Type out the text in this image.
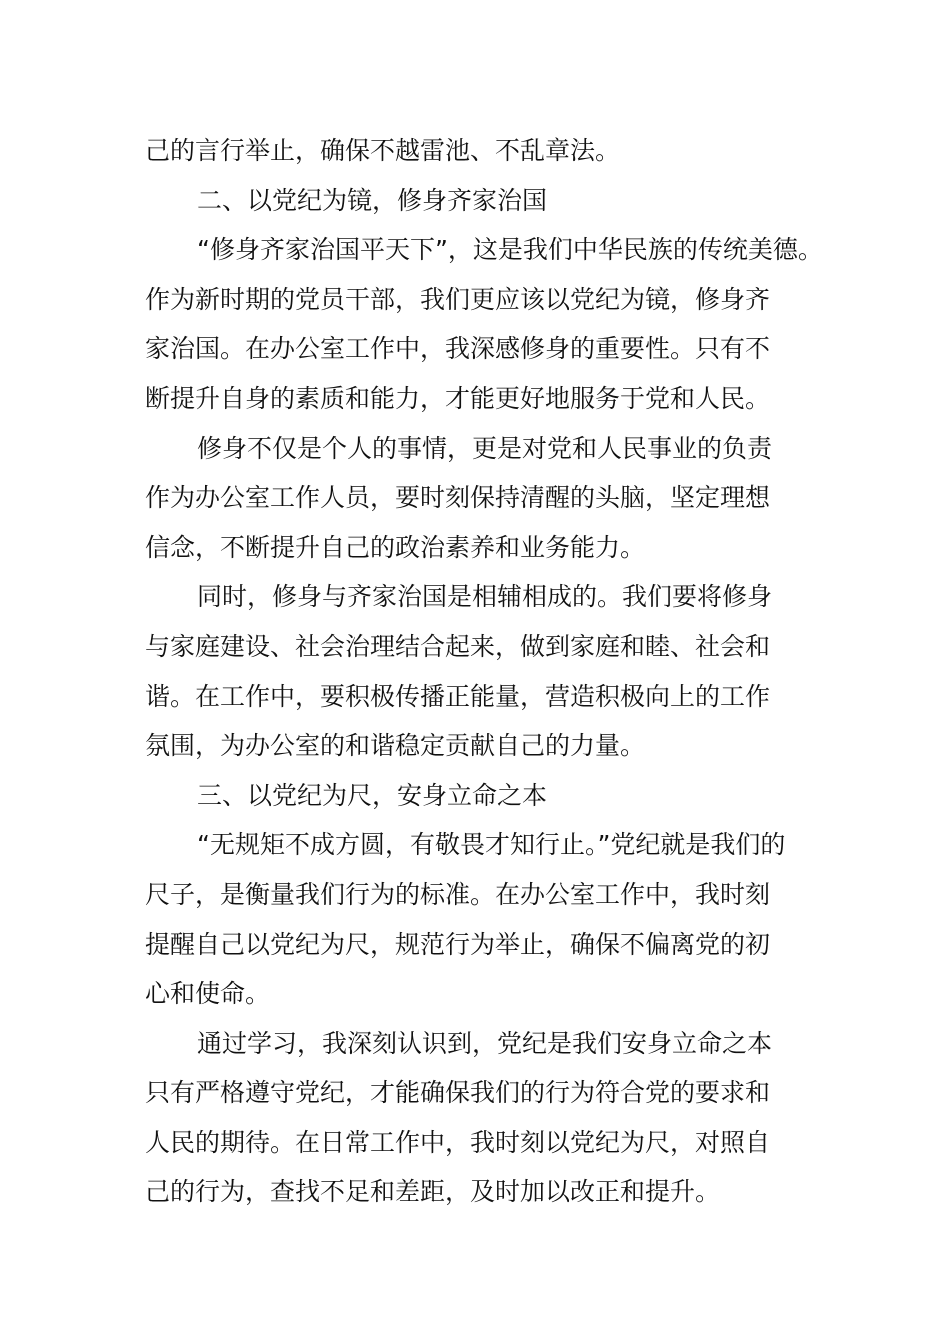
己的言行举止，确保不越雷池、不乱章法。
二、以党纪为镜，修身齐家治国
“修身齐家治国平天下”，这是我们中华民族的传统美德。
作为新时期的党员干部，我们更应该以党纪为镜，修身齐
家治国。在办公室工作中，我深感修身的重要性。只有不
断提升自身的素质和能力，才能更好地服务于党和人民。
修身不仅是个人的事情，更是对党和人民事业的负责
作为办公室工作人员，要时刻保持清醒的头脑，坚定理想
信念，不断提升自己的政治素养和业务能力。
同时，修身与齐家治国是相辅相成的。我们要将修身
与家庭建设、社会治理结合起来，做到家庭和睦、社会和
谐。在工作中，要积极传播正能量，营造积极向上的工作
氛围，为办公室的和谐稳定贡献自己的力量。
三、以党纪为尺，安身立命之本
“无规矩不成方圆，有敬畏才知行止。”党纪就是我们的
尺子，是衡量我们行为的标准。在办公室工作中，我时刻
提醒自己以党纪为尺，规范行为举止，确保不偏离党的初
心和使命。
通过学习，我深刻认识到，党纪是我们安身立命之本
只有严格遵守党纪，才能确保我们的行为符合党的要求和
人民的期待。在日常工作中，我时刻以党纪为尺，对照自
己的行为，查找不足和差距，及时加以改正和提升。
